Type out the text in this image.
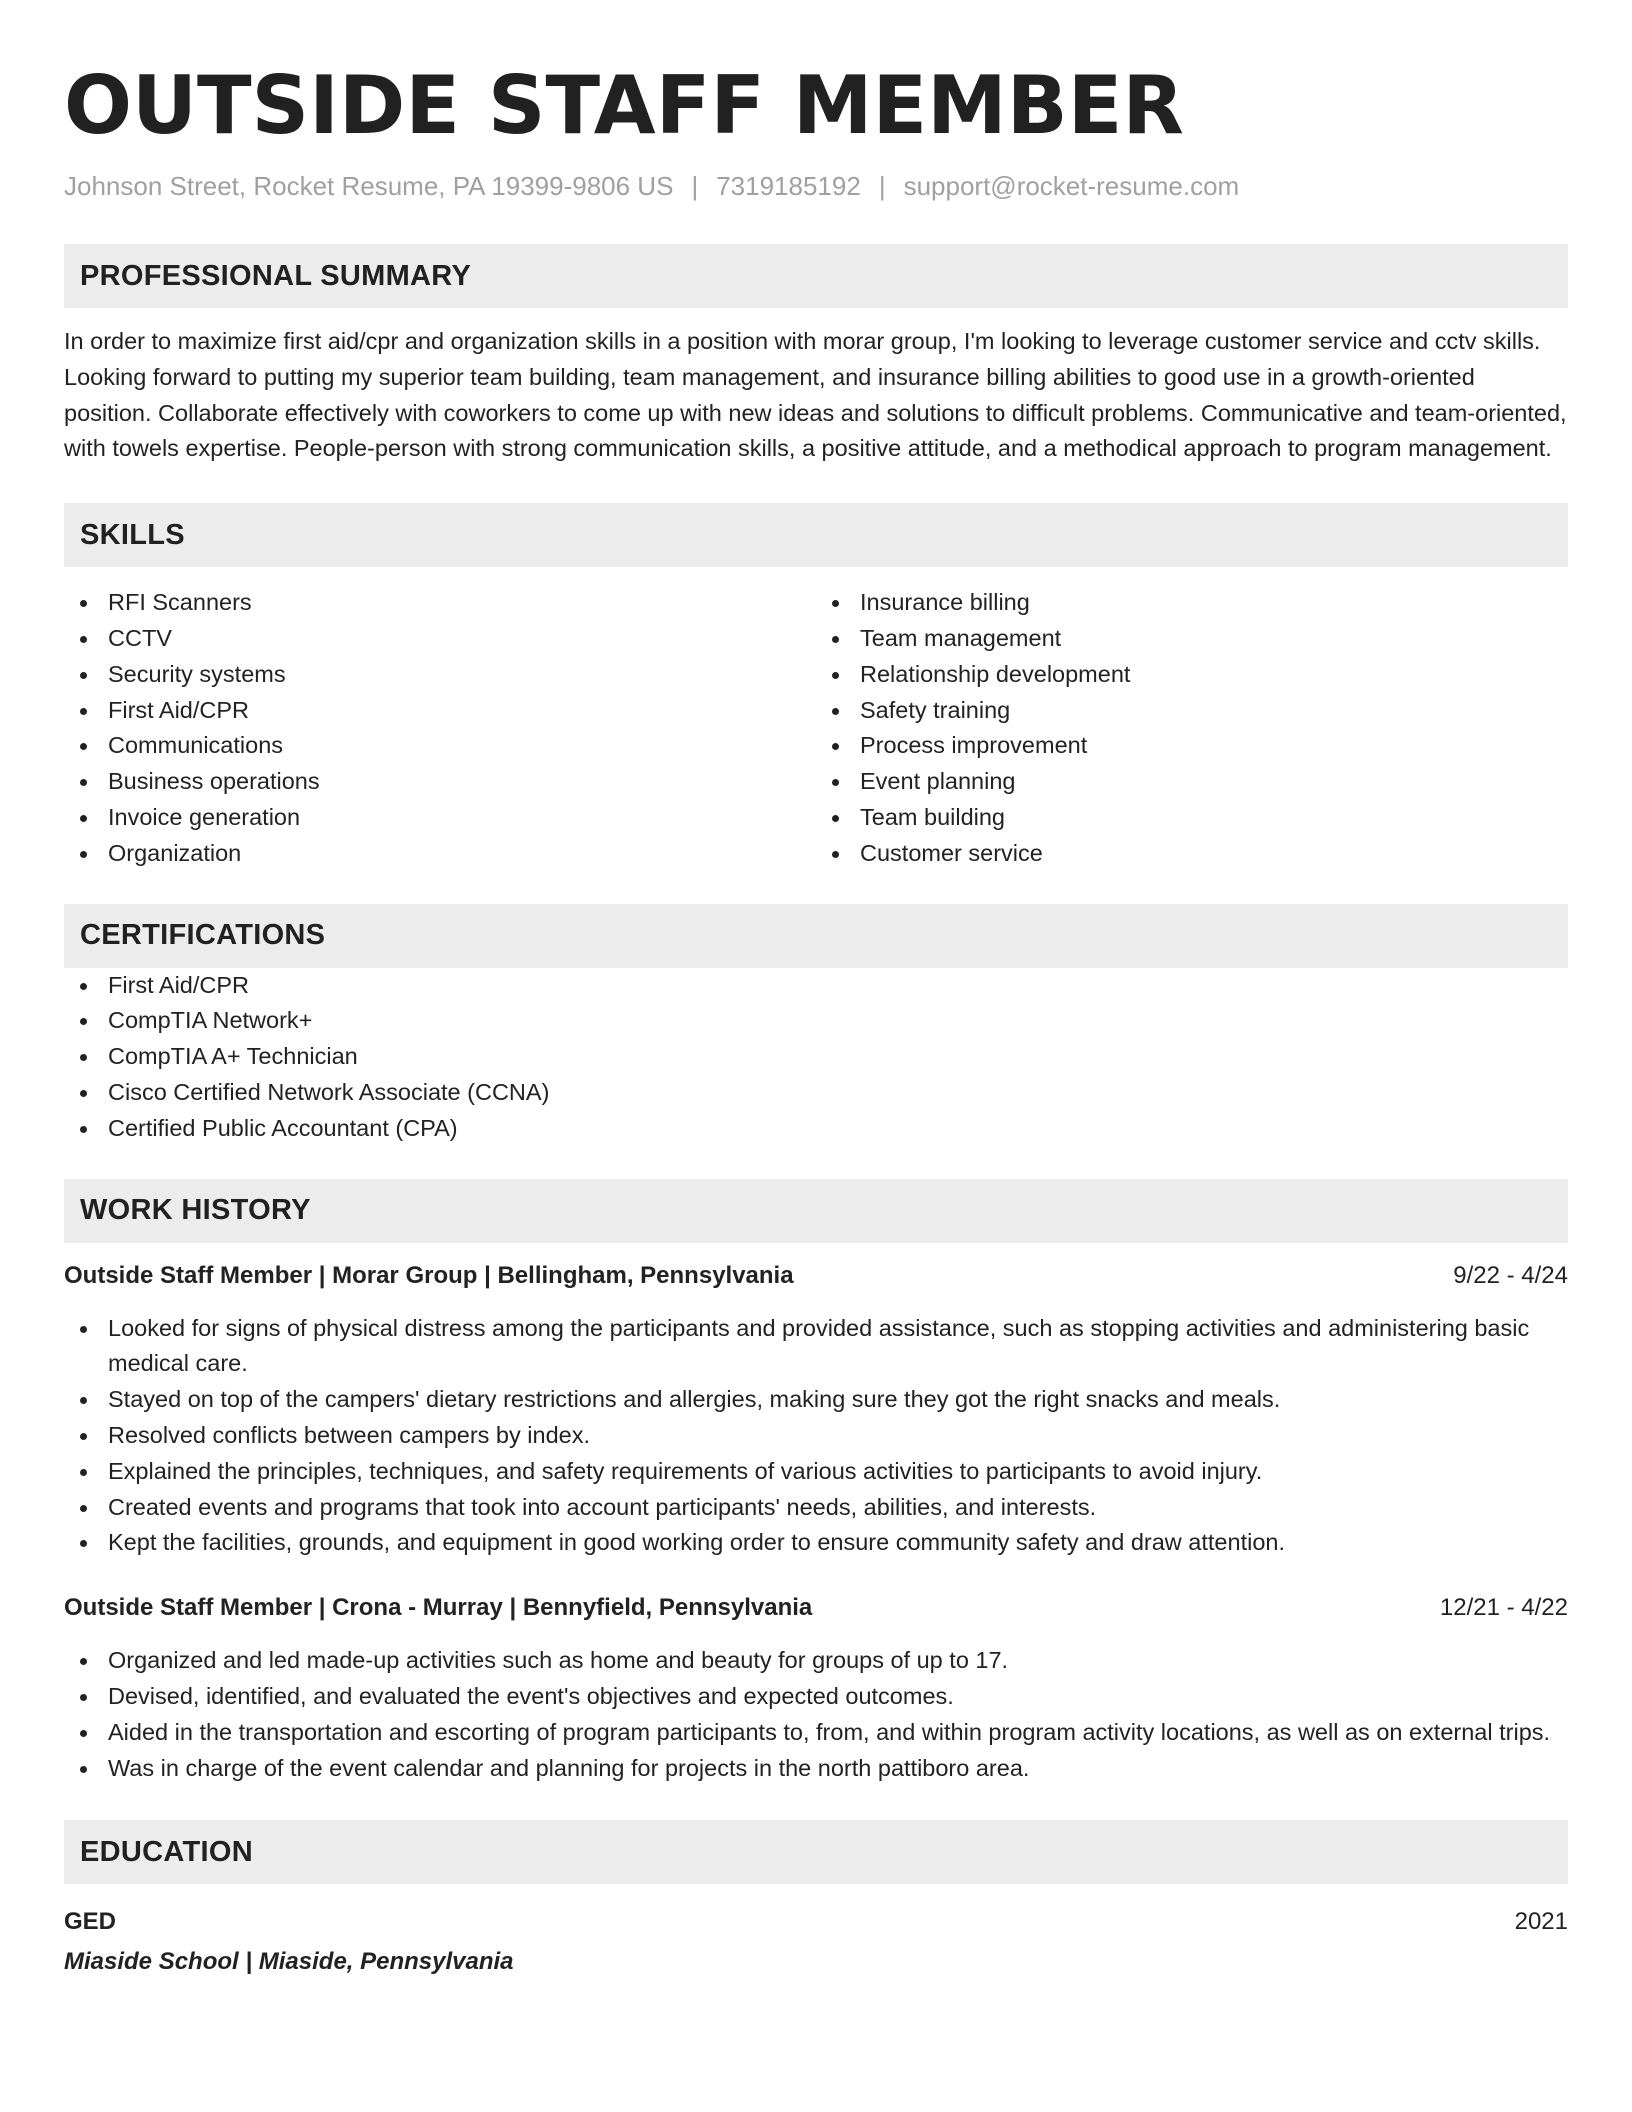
OUTSIDE STAFF MEMBER
Johnson Street, Rocket Resume, PA 19399-9806 US | 7319185192 | support@rocket-resume.com
PROFESSIONAL SUMMARY

In order to maximize first aid/cpr and organization skills in a position with morar group, I'm looking to leverage customer service and cctv skills. Looking forward to putting my superior team building, team management, and insurance billing abilities to good use in a growth-oriented position. Collaborate effectively with coworkers to come up with new ideas and solutions to difficult problems. Communicative and team-oriented, with towels expertise. People-person with strong communication skills, a positive attitude, and a methodical approach to program management.

SKILLS
RFI Scanners
CCTV
Security systems
First Aid/CPR
Communications
Business operations
Invoice generation
Organization
Insurance billing
Team management
Relationship development
Safety training
Process improvement
Event planning
Team building
Customer service
CERTIFICATIONS
First Aid/CPR
CompTIA Network+
CompTIA A+ Technician
Cisco Certified Network Associate (CCNA)
Certified Public Accountant (CPA)
WORK HISTORY
Outside Staff Member | Morar Group | Bellingham, Pennsylvania	9/22 - 4/24
Looked for signs of physical distress among the participants and provided assistance, such as stopping activities and administering basic medical care.
Stayed on top of the campers' dietary restrictions and allergies, making sure they got the right snacks and meals.
Resolved conflicts between campers by index.
Explained the principles, techniques, and safety requirements of various activities to participants to avoid injury.
Created events and programs that took into account participants' needs, abilities, and interests.
Kept the facilities, grounds, and equipment in good working order to ensure community safety and draw attention.
Outside Staff Member | Crona - Murray | Bennyfield, Pennsylvania	12/21 - 4/22
Organized and led made-up activities such as home and beauty for groups of up to 17.
Devised, identified, and evaluated the event's objectives and expected outcomes.
Aided in the transportation and escorting of program participants to, from, and within program activity locations, as well as on external trips.
Was in charge of the event calendar and planning for projects in the north pattiboro area.
EDUCATION
GED	2021
Miaside School | Miaside, Pennsylvania
